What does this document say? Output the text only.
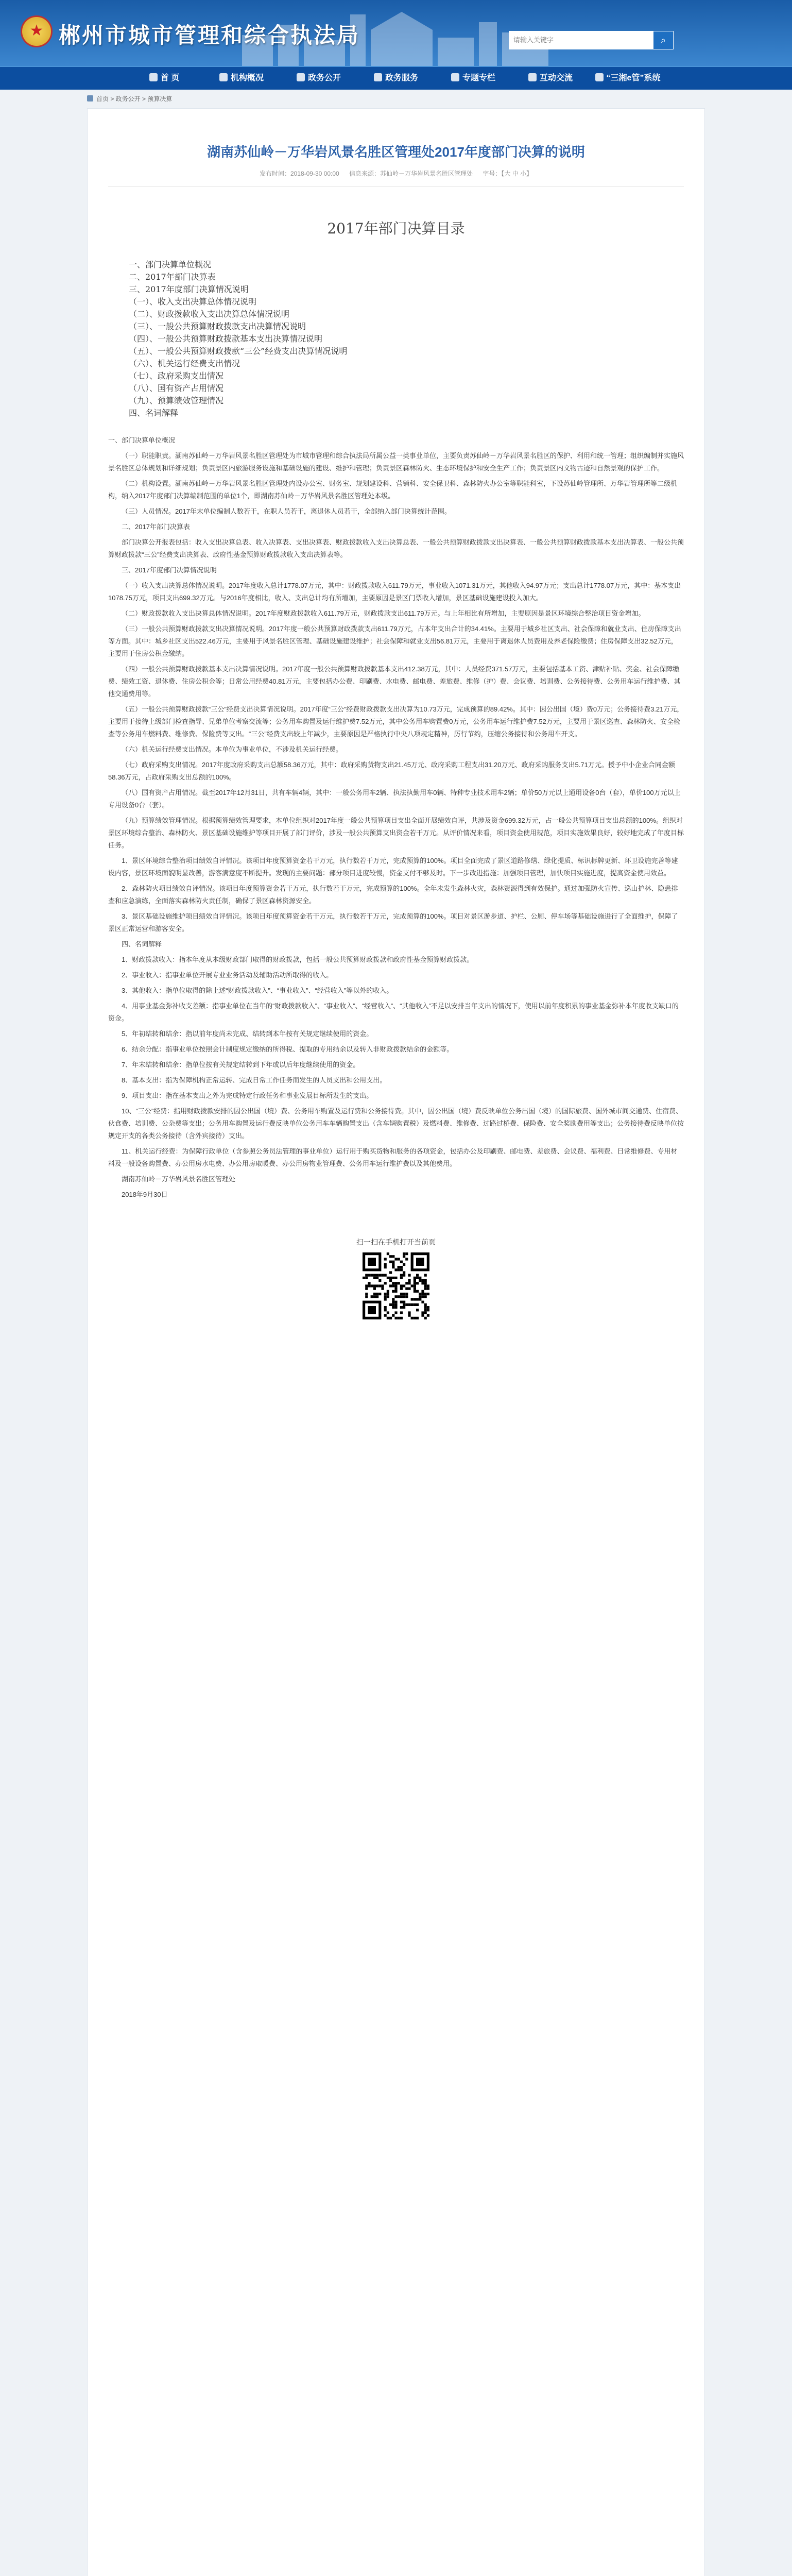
★
郴州市城市管理和综合执法局
请输入关键字	⌕
首 页	机构概况	政务公开	政务服务	专题专栏	互动交流	“三湘e管”系统
首页 > 政务公开 > 预算决算
湖南苏仙岭－万华岩风景名胜区管理处2017年度部门决算的说明
发布时间：2018-09-30 00:00 信息来源：苏仙岭－万华岩风景名胜区管理处 字号：【大 中 小】
2017年部门决算目录
一、部门决算单位概况
二、2017年部门决算表
三、2017年度部门决算情况说明
（一）、收入支出决算总体情况说明
（二）、财政拨款收入支出决算总体情况说明
（三）、一般公共预算财政拨款支出决算情况说明
（四）、一般公共预算财政拨款基本支出决算情况说明
（五）、一般公共预算财政拨款“三公”经费支出决算情况说明
（六）、机关运行经费支出情况
（七）、政府采购支出情况
（八）、国有资产占用情况
（九）、预算绩效管理情况
四、名词解释
一、部门决算单位概况

（一）职能职责。湖南苏仙岭－万华岩风景名胜区管理处为市城市管理和综合执法局所属公益一类事业单位，主要负责苏仙岭－万华岩风景名胜区的保护、利用和统一管理；组织编制并实施风景名胜区总体规划和详细规划；负责景区内旅游服务设施和基础设施的建设、维护和管理；负责景区森林防火、生态环境保护和安全生产工作；负责景区内文物古迹和自然景观的保护工作。

（二）机构设置。湖南苏仙岭－万华岩风景名胜区管理处内设办公室、财务室、规划建设科、营销科、安全保卫科、森林防火办公室等职能科室，下设苏仙岭管理所、万华岩管理所等二级机构，纳入2017年度部门决算编制范围的单位1个，即湖南苏仙岭－万华岩风景名胜区管理处本级。

（三）人员情况。2017年末单位编制人数若干，在职人员若干，离退休人员若干，全部纳入部门决算统计范围。

二、2017年部门决算表

部门决算公开报表包括：收入支出决算总表、收入决算表、支出决算表、财政拨款收入支出决算总表、一般公共预算财政拨款支出决算表、一般公共预算财政拨款基本支出决算表、一般公共预算财政拨款“三公”经费支出决算表、政府性基金预算财政拨款收入支出决算表等。

三、2017年度部门决算情况说明

（一）收入支出决算总体情况说明。2017年度收入总计1778.07万元，其中：财政拨款收入611.79万元，事业收入1071.31万元，其他收入94.97万元；支出总计1778.07万元，其中：基本支出1078.75万元，项目支出699.32万元。与2016年度相比，收入、支出总计均有所增加，主要原因是景区门票收入增加，景区基础设施建设投入加大。

（二）财政拨款收入支出决算总体情况说明。2017年度财政拨款收入611.79万元，财政拨款支出611.79万元。与上年相比有所增加，主要原因是景区环境综合整治项目资金增加。

（三）一般公共预算财政拨款支出决算情况说明。2017年度一般公共预算财政拨款支出611.79万元，占本年支出合计的34.41%。主要用于城乡社区支出、社会保障和就业支出、住房保障支出等方面。其中：城乡社区支出522.46万元，主要用于风景名胜区管理、基础设施建设维护；社会保障和就业支出56.81万元，主要用于离退休人员费用及养老保险缴费；住房保障支出32.52万元，主要用于住房公积金缴纳。

（四）一般公共预算财政拨款基本支出决算情况说明。2017年度一般公共预算财政拨款基本支出412.38万元，其中：人员经费371.57万元，主要包括基本工资、津贴补贴、奖金、社会保障缴费、绩效工资、退休费、住房公积金等；日常公用经费40.81万元，主要包括办公费、印刷费、水电费、邮电费、差旅费、维修（护）费、会议费、培训费、公务接待费、公务用车运行维护费、其他交通费用等。

（五）一般公共预算财政拨款“三公”经费支出决算情况说明。2017年度“三公”经费财政拨款支出决算为10.73万元，完成预算的89.42%。其中：因公出国（境）费0万元；公务接待费3.21万元，主要用于接待上级部门检查指导、兄弟单位考察交流等；公务用车购置及运行维护费7.52万元，其中公务用车购置费0万元，公务用车运行维护费7.52万元，主要用于景区巡查、森林防火、安全检查等公务用车燃料费、维修费、保险费等支出。“三公”经费支出较上年减少，主要原因是严格执行中央八项规定精神，厉行节约，压缩公务接待和公务用车开支。

（六）机关运行经费支出情况。本单位为事业单位，不涉及机关运行经费。

（七）政府采购支出情况。2017年度政府采购支出总额58.36万元，其中：政府采购货物支出21.45万元、政府采购工程支出31.20万元、政府采购服务支出5.71万元。授予中小企业合同金额58.36万元，占政府采购支出总额的100%。

（八）国有资产占用情况。截至2017年12月31日，共有车辆4辆，其中：一般公务用车2辆、执法执勤用车0辆、特种专业技术用车2辆；单价50万元以上通用设备0台（套），单价100万元以上专用设备0台（套）。

（九）预算绩效管理情况。根据预算绩效管理要求，本单位组织对2017年度一般公共预算项目支出全面开展绩效自评，共涉及资金699.32万元，占一般公共预算项目支出总额的100%。组织对景区环境综合整治、森林防火、景区基础设施维护等项目开展了部门评价，涉及一般公共预算支出资金若干万元。从评价情况来看，项目资金使用规范，项目实施效果良好，较好地完成了年度目标任务。

1、景区环境综合整治项目绩效自评情况。该项目年度预算资金若干万元，执行数若干万元，完成预算的100%。项目全面完成了景区道路修缮、绿化提质、标识标牌更新、环卫设施完善等建设内容，景区环境面貌明显改善，游客满意度不断提升。发现的主要问题：部分项目进度较慢，资金支付不够及时。下一步改进措施：加强项目管理，加快项目实施进度，提高资金使用效益。

2、森林防火项目绩效自评情况。该项目年度预算资金若干万元，执行数若干万元，完成预算的100%。全年未发生森林火灾，森林资源得到有效保护。通过加强防火宣传、巡山护林、隐患排查和应急演练，全面落实森林防火责任制，确保了景区森林资源安全。

3、景区基础设施维护项目绩效自评情况。该项目年度预算资金若干万元，执行数若干万元，完成预算的100%。项目对景区游步道、护栏、公厕、停车场等基础设施进行了全面维护，保障了景区正常运营和游客安全。

四、名词解释

1、财政拨款收入：指本年度从本级财政部门取得的财政拨款，包括一般公共预算财政拨款和政府性基金预算财政拨款。

2、事业收入：指事业单位开展专业业务活动及辅助活动所取得的收入。

3、其他收入：指单位取得的除上述“财政拨款收入”、“事业收入”、“经营收入”等以外的收入。

4、用事业基金弥补收支差额：指事业单位在当年的“财政拨款收入”、“事业收入”、“经营收入”、“其他收入”不足以安排当年支出的情况下，使用以前年度积累的事业基金弥补本年度收支缺口的资金。

5、年初结转和结余：指以前年度尚未完成、结转到本年按有关规定继续使用的资金。

6、结余分配：指事业单位按照会计制度规定缴纳的所得税、提取的专用结余以及转入非财政拨款结余的金额等。

7、年末结转和结余：指单位按有关规定结转到下年或以后年度继续使用的资金。

8、基本支出：指为保障机构正常运转、完成日常工作任务而发生的人员支出和公用支出。

9、项目支出：指在基本支出之外为完成特定行政任务和事业发展目标所发生的支出。

10、“三公”经费：指用财政拨款安排的因公出国（境）费、公务用车购置及运行费和公务接待费。其中，因公出国（境）费反映单位公务出国（境）的国际旅费、国外城市间交通费、住宿费、伙食费、培训费、公杂费等支出；公务用车购置及运行费反映单位公务用车车辆购置支出（含车辆购置税）及燃料费、维修费、过路过桥费、保险费、安全奖励费用等支出；公务接待费反映单位按规定开支的各类公务接待（含外宾接待）支出。

11、机关运行经费：为保障行政单位（含参照公务员法管理的事业单位）运行用于购买货物和服务的各项资金，包括办公及印刷费、邮电费、差旅费、会议费、福利费、日常维修费、专用材料及一般设备购置费、办公用房水电费、办公用房取暖费、办公用房物业管理费、公务用车运行维护费以及其他费用。

湖南苏仙岭－万华岩风景名胜区管理处

2018年9月30日

扫一扫在手机打开当前页
